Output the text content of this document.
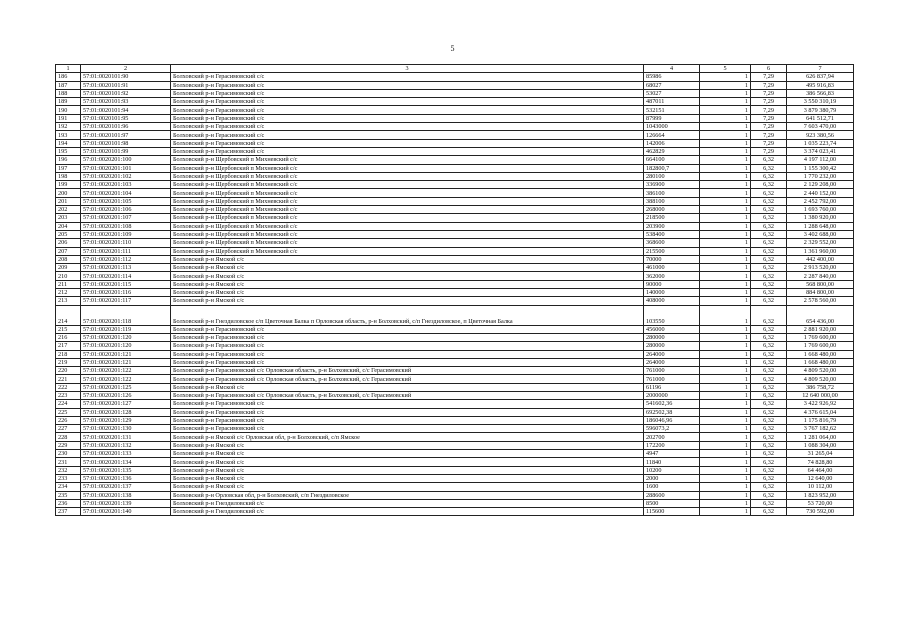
5
1	2	3	4	5	6	7
186	57:01:0020101:90	Болховский р-н Герасимовский с/с	85986	1	7,29	626 837,94
187	57:01:0020101:91	Болховский р-н Герасимовский с/с	68027	1	7,29	495 916,83
188	57:01:0020101:92	Болховский р-н Герасимовский с/с	53027	1	7,29	386 566,83
189	57:01:0020101:93	Болховский р-н Герасимовский с/с	487011	1	7,29	3 550 310,19
190	57:01:0020101:94	Болховский р-н Герасимовский с/с	532151	1	7,29	3 879 380,79
191	57:01:0020101:95	Болховский р-н Герасимовский с/с	87999	1	7,29	641 512,71
192	57:01:0020101:96	Болховский р-н Герасимовский с/с	1043000	1	7,29	7 603 470,00
193	57:01:0020101:97	Болховский р-н Герасимовский с/с	126664	1	7,29	923 380,56
194	57:01:0020101:98	Болховский р-н Герасимовский с/с	142006	1	7,29	1 035 223,74
195	57:01:0020101:99	Болховский р-н Герасимовский с/с	462829	1	7,29	3 374 023,41
196	57:01:0020201:100	Болховский р-н Щербовский п Михневский с/с	664100	1	6,32	4 197 112,00
197	57:01:0020201:101	Болховский р-н Щербовский п Михневский с/с	182800,7	1	6,32	1 155 300,42
198	57:01:0020201:102	Болховский р-н Щербовский п Михневский с/с	280100	1	6,32	1 770 232,00
199	57:01:0020201:103	Болховский р-н Щербовский п Михневский с/с	336900	1	6,32	2 129 208,00
200	57:01:0020201:104	Болховский р-н Щербовский п Михневский с/с	386100	1	6,32	2 440 152,00
201	57:01:0020201:105	Болховский р-н Щербовский п Михневский с/с	388100	1	6,32	2 452 792,00
202	57:01:0020201:106	Болховский р-н Щербовский п Михневский с/с	268000	1	6,32	1 693 760,00
203	57:01:0020201:107	Болховский р-н Щербовский п Михневский с/с	218500	1	6,32	1 380 920,00
204	57:01:0020201:108	Болховский р-н Щербовский п Михневский с/с	203900	1	6,32	1 288 648,00
205	57:01:0020201:109	Болховский р-н Щербовский п Михневский с/с	538400	1	6,32	3 402 688,00
206	57:01:0020201:110	Болховский р-н Щербовский п Михневский с/с	368600	1	6,32	2 329 552,00
207	57:01:0020201:111	Болховский р-н Щербовский п Михневский с/с	215500	1	6,32	1 361 960,00
208	57:01:0020201:112	Болховский р-н Ямской с/с	70000	1	6,32	442 400,00
209	57:01:0020201:113	Болховский р-н Ямской с/с	461000	1	6,32	2 913 520,00
210	57:01:0020201:114	Болховский р-н Ямской с/с	362000	1	6,32	2 287 840,00
211	57:01:0020201:115	Болховский р-н Ямской с/с	90000	1	6,32	568 800,00
212	57:01:0020201:116	Болховский р-н Ямской с/с	140000	1	6,32	884 800,00
213	57:01:0020201:117	Болховский р-н Ямской с/с	408000	1	6,32	2 578 560,00
214	57:01:0020201:118	Болховский р-н Гнездиловское с/п Цветочная Балка п Орловская область, р-н Болховский, с/п Гнездиловское, п Цветочная Балка	103550	1	6,32	654 436,00
215	57:01:0020201:119	Болховский р-н Герасимовский с/с	456000	1	6,32	2 881 920,00
216	57:01:0020201:120	Болховский р-н Герасимовский с/с	280000	1	6,32	1 769 600,00
217	57:01:0020201:120	Болховский р-н Герасимовский с/с	280000	1	6,32	1 769 600,00
218	57:01:0020201:121	Болховский р-н Герасимовский с/с	264000	1	6,32	1 668 480,00
219	57:01:0020201:121	Болховский р-н Герасимовский с/с	264000	1	6,32	1 668 480,00
220	57:01:0020201:122	Болховский р-н Герасимовский с/с Орловская область, р-н Болховский, с/с Герасимовский	761000	1	6,32	4 809 520,00
221	57:01:0020201:122	Болховский р-н Герасимовский с/с Орловская область, р-н Болховский, с/с Герасимовский	761000	1	6,32	4 809 520,00
222	57:01:0020201:125	Болховский р-н Ямской с/с	61196	1	6,32	386 758,72
223	57:01:0020201:126	Болховский р-н Герасимовский с/с Орловская область, р-н Болховский, с/с Герасимовский	2000000	1	6,32	12 640 000,00
224	57:01:0020201:127	Болховский р-н Герасимовский с/с	541602,36	1	6,32	3 422 926,92
225	57:01:0020201:128	Болховский р-н Герасимовский с/с	692502,38	1	6,32	4 376 615,04
226	57:01:0020201:129	Болховский р-н Герасимовский с/с	186046,96	1	6,32	1 175 816,79
227	57:01:0020201:130	Болховский р-н Герасимовский с/с	596073,2	1	6,32	3 767 182,62
228	57:01:0020201:131	Болховский р-н Ямской с/с Орловская обл, р-н Болховский, с/п Ямское	202700	1	6,32	1 281 064,00
229	57:01:0020201:132	Болховский р-н Ямской с/с	172200	1	6,32	1 088 304,00
230	57:01:0020201:133	Болховский р-н Ямской с/с	4947	1	6,32	31 265,04
231	57:01:0020201:134	Болховский р-н Ямской с/с	11840	1	6,32	74 828,80
232	57:01:0020201:135	Болховский р-н Ямской с/с	10200	1	6,32	64 464,00
233	57:01:0020201:136	Болховский р-н Ямской с/с	2000	1	6,32	12 640,00
234	57:01:0020201:137	Болховский р-н Ямской с/с	1600	1	6,32	10 112,00
235	57:01:0020201:138	Болховский р-н Орловская обл, р-н Болховский, с/п Гнездиловское	288600	1	6,32	1 823 952,00
236	57:01:0020201:139	Болховский р-н Гнездиловский с/с	8500	1	6,32	53 720,00
237	57:01:0020201:140	Болховский р-н Гнездиловский с/с	115600	1	6,32	730 592,00
